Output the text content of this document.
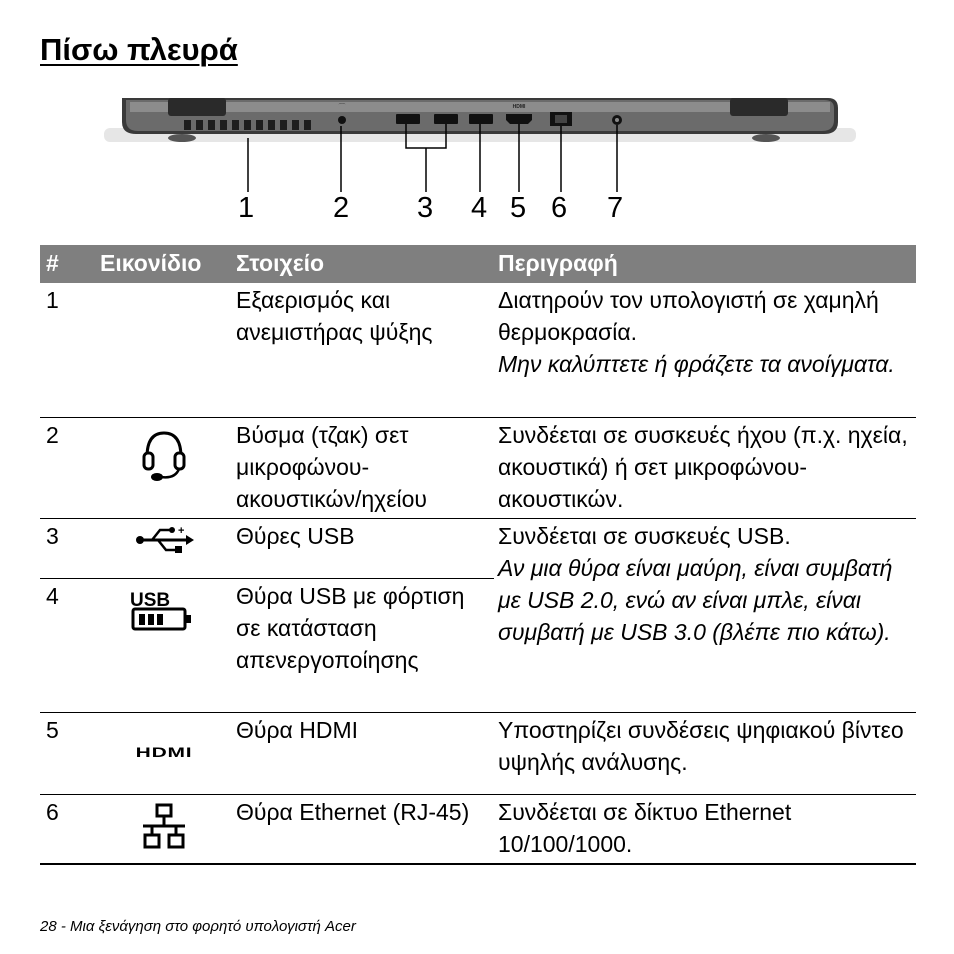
Πίσω πλευρά
⌒	HDMI
1	2 3 4 5 6 7
#	Εικονίδιο	Στοιχείο	Περιγραφή
1		Εξαερισμός και ανεμιστήρας ψύξης	Διατηρούν τον υπολογιστή σε χαμηλή θερμοκρασία.
Μην καλύπτετε ή φράζετε τα ανοίγματα.

2		Βύσμα (τζακ) σετ μικροφώνου-ακουστικών/ηχείου	Συνδέεται σε συσκευές ήχου (π.χ. ηχεία, ακουστικά) ή σετ μικροφώνου-ακουστικών.
3	+	Θύρες USB	Συνδέεται σε συσκευές USB.
Αν μια θύρα είναι μαύρη, είναι συμβατή με USB 2.0, ενώ αν είναι μπλε, είναι συμβατή με USB 3.0 (βλέπε πιο κάτω).

4	USB	Θύρα USB με φόρτιση σε κατάσταση απενεργοποίησης	
5	HDMI	Θύρα HDMI	Υποστηρίζει συνδέσεις ψηφιακού βίντεο υψηλής ανάλυσης.
6		Θύρα Ethernet (RJ-45)	Συνδέεται σε δίκτυο Ethernet 10/100/1000.
28 - Μια ξενάγηση στο φορητό υπολογιστή Acer
